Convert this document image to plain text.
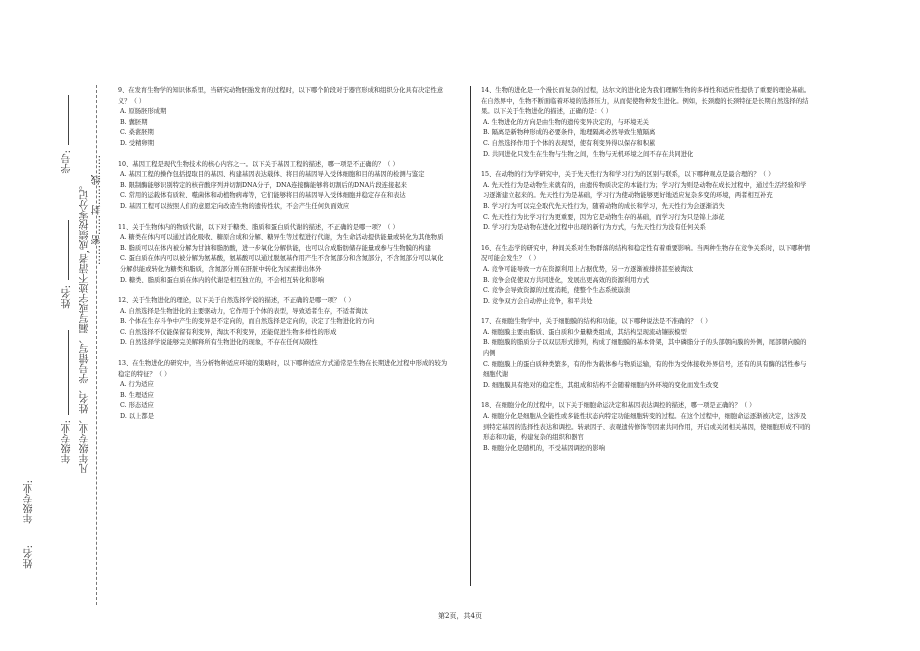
学号:
姓名:
年级专业:
……密……封……线……
凡年级专业、姓名、学号错写、漏写或字迹不清者,成绩按零分记。
年级专业:
姓名:

9、在发育生物学的知识体系里，当研究动物胚胎发育的过程时，以下哪个阶段对于器官形成和组织分化具有决定性意义？（ ）

A. 原肠胚形成期

B. 囊胚期

C. 桑葚胚期

D. 受精卵期

10、基因工程是现代生物技术的核心内容之一。以下关于基因工程的描述，哪一项是不正确的？（ ）

A. 基因工程的操作包括提取目的基因、构建基因表达载体、将目的基因导入受体细胞和目的基因的检测与鉴定

B. 限制酶能够识别特定的核苷酸序列并切割DNA分子，DNA连接酶能够将切割后的DNA片段连接起来

C. 常用的运载体有质粒、噬菌体和动植物病毒等，它们能够将目的基因导入受体细胞并稳定存在和表达

D. 基因工程可以按照人们的意愿定向改造生物的遗传性状，不会产生任何负面效应

11、关于生物体内的物质代谢，以下对于糖类、脂质和蛋白质代谢的描述，不正确的是哪一项？（ ）

A. 糖类在体内可以通过消化吸收、糖原合成和分解、糖异生等过程进行代谢，为生命活动提供能量或转化为其他物质

B. 脂质可以在体内被分解为甘油和脂肪酸，进一步氧化分解供能，也可以合成脂肪储存能量或参与生物膜的构建

C. 蛋白质在体内可以被分解为氨基酸，氨基酸可以通过脱氨基作用产生不含氮部分和含氮部分，不含氮部分可以氧化分解供能或转化为糖类和脂质，含氮部分则在肝脏中转化为尿素排出体外

D. 糖类、脂质和蛋白质在体内的代谢是相互独立的，不会相互转化和影响

12、关于生物进化的理论，以下关于自然选择学说的描述，不正确的是哪一项？（ ）

A. 自然选择是生物进化的主要驱动力，它作用于个体的表型，导致适者生存，不适者淘汰

B. 个体在生存斗争中产生的变异是不定向的，而自然选择是定向的，决定了生物进化的方向

C. 自然选择不仅能保留有利变异，淘汰不利变异，还能促进生物多样性的形成

D. 自然选择学说能够完美解释所有生物进化的现象，不存在任何局限性

13、在生物进化的研究中，当分析物种适应环境的策略时，以下哪种适应方式通常是生物在长期进化过程中形成的较为稳定的特征？（ ）

A. 行为适应

B. 生理适应

C. 形态适应

D. 以上都是

14、生物的进化是一个漫长而复杂的过程，达尔文的进化论为我们理解生物的多样性和适应性提供了重要的理论基础。在自然界中，生物不断面临着环境的选择压力，从而促使物种发生进化。例如，长颈鹿的长颈特征是长期自然选择的结果。以下关于生物进化的描述，正确的是：（ ）

A. 生物进化的方向是由生物的遗传变异决定的，与环境无关

B. 隔离是新物种形成的必要条件，地理隔离必然导致生殖隔离

C. 自然选择作用于个体的表现型，使有利变异得以保存和积累

D. 共同进化只发生在生物与生物之间，生物与无机环境之间不存在共同进化

15、在动物的行为学研究中，关于先天性行为和学习行为的区别与联系，以下哪种观点是最合理的？（ ）

A. 先天性行为是动物生来就有的，由遗传物质决定的本能行为；学习行为则是动物在成长过程中，通过生活经验和学习逐渐建立起来的。先天性行为是基础，学习行为使动物能够更好地适应复杂多变的环境，两者相互补充

B. 学习行为可以完全取代先天性行为，随着动物的成长和学习，先天性行为会逐渐消失

C. 先天性行为比学习行为更重要，因为它是动物生存的基础，而学习行为只是锦上添花

D. 学习行为是动物在进化过程中出现的新行为方式，与先天性行为没有任何关系

16、在生态学的研究中，种间关系对生物群落的结构和稳定性有着重要影响。当两种生物存在竞争关系时，以下哪种情况可能会发生？（ ）

A. 竞争可能导致一方在资源利用上占据优势，另一方逐渐被排挤甚至被淘汰

B. 竞争会促使双方共同进化，发展出更高效的资源利用方式

C. 竞争会导致资源的过度消耗，使整个生态系统崩溃

D. 竞争双方会自动停止竞争，和平共处

17、在细胞生物学中，关于细胞膜的结构和功能，以下哪种说法是不准确的？（ ）

A. 细胞膜主要由脂质、蛋白质和少量糖类组成，其结构呈现流动镶嵌模型

B. 细胞膜的脂质分子以双层形式排列，构成了细胞膜的基本骨架，其中磷脂分子的头部朝向膜的外侧，尾部朝向膜的内侧

C. 细胞膜上的蛋白质种类繁多，有的作为载体参与物质运输，有的作为受体接收外界信号，还有的具有酶的活性参与细胞代谢

D. 细胞膜具有绝对的稳定性，其组成和结构不会随着细胞内外环境的变化而发生改变

18、在细胞分化的过程中，以下关于细胞命运决定和基因表达调控的描述，哪一项是正确的？（ ）

A. 细胞分化是细胞从全能性或多能性状态向特定功能细胞转变的过程。在这个过程中，细胞命运逐渐被决定，这涉及到特定基因的选择性表达和调控。转录因子、表观遗传修饰等因素共同作用，开启或关闭相关基因，使细胞形成不同的形态和功能，构建复杂的组织和器官

B. 细胞分化是随机的，不受基因调控的影响

第2页，共4页
